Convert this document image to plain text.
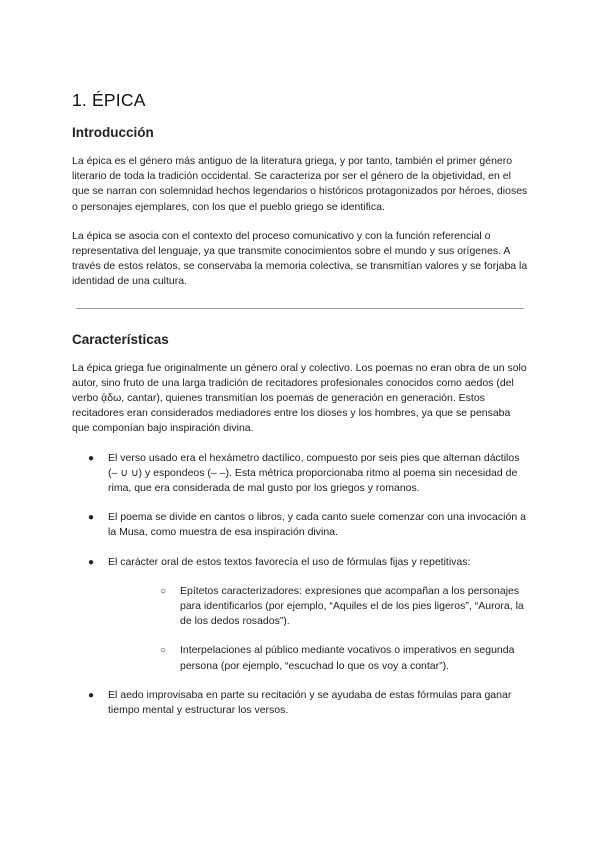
1. ÉPICA
Introducción

La épica es el género más antiguo de la literatura griega, y por tanto, también el primer género literario de toda la tradición occidental. Se caracteriza por ser el género de la objetividad, en el que se narran con solemnidad hechos legendarios o históricos protagonizados por héroes, dioses o personajes ejemplares, con los que el pueblo griego se identifica.

La épica se asocia con el contexto del proceso comunicativo y con la función referencial o representativa del lenguaje, ya que transmite conocimientos sobre el mundo y sus orígenes. A través de estos relatos, se conservaba la memoria colectiva, se transmitían valores y se forjaba la identidad de una cultura.

Características

La épica griega fue originalmente un género oral y colectivo. Los poemas no eran obra de un solo autor, sino fruto de una larga tradición de recitadores profesionales conocidos como aedos (del verbo ᾀδω, cantar), quienes transmitían los poemas de generación en generación. Estos recitadores eran considerados mediadores entre los dioses y los hombres, ya que se pensaba que componían bajo inspiración divina.

● El verso usado era el hexámetro dactílico, compuesto por seis pies que alternan dáctilos (– ∪ ∪) y espondeos (– –). Esta métrica proporcionaba ritmo al poema sin necesidad de rima, que era considerada de mal gusto por los griegos y romanos.
● El poema se divide en cantos o libros, y cada canto suele comenzar con una invocación a la Musa, como muestra de esa inspiración divina.
● El carácter oral de estos textos favorecía el uso de fórmulas fijas y repetitivas:
○ Epítetos caracterizadores: expresiones que acompañan a los personajes para identificarlos (por ejemplo, “Aquiles el de los pies ligeros”, “Aurora, la de los dedos rosados”).
○ Interpelaciones al público mediante vocativos o imperativos en segunda persona (por ejemplo, “escuchad lo que os voy a contar”).
● El aedo improvisaba en parte su recitación y se ayudaba de estas fórmulas para ganar tiempo mental y estructurar los versos.
